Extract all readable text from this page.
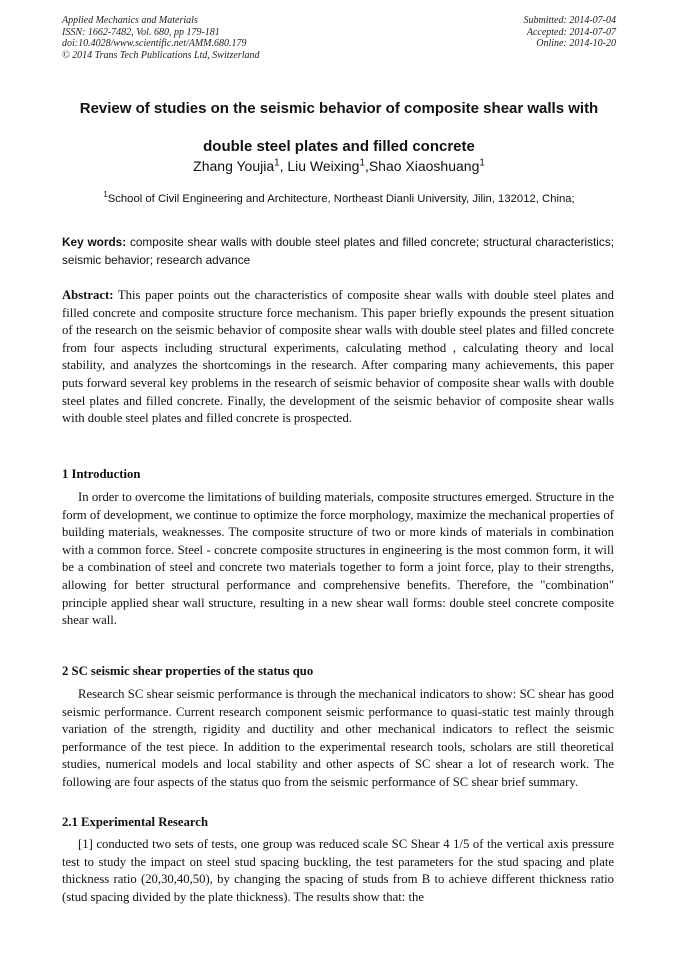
Applied Mechanics and Materials
ISSN: 1662-7482, Vol. 680, pp 179-181
doi:10.4028/www.scientific.net/AMM.680.179
© 2014 Trans Tech Publications Ltd, Switzerland
Submitted: 2014-07-04
Accepted: 2014-07-07
Online: 2014-10-20
Review of studies on the seismic behavior of composite shear walls with
double steel plates and filled concrete
Zhang Youjia$^1$, Liu Weixing$^1$,Shao Xiaoshuang$^1$
$^1$School of Civil Engineering and Architecture, Northeast Dianli University, Jilin, 132012, China;
Key words: composite shear walls with double steel plates and filled concrete; structural characteristics; seismic behavior; research advance
Abstract: This paper points out the characteristics of composite shear walls with double steel plates and filled concrete and composite structure force mechanism. This paper briefly expounds the present situation of the research on the seismic behavior of composite shear walls with double steel plates and filled concrete from four aspects including structural experiments, calculating method , calculating theory and local stability, and analyzes the shortcomings in the research. After comparing many achievements, this paper puts forward several key problems in the research of seismic behavior of composite shear walls with double steel plates and filled concrete. Finally, the development of the seismic behavior of composite shear walls with double steel plates and filled concrete is prospected.
1 Introduction
In order to overcome the limitations of building materials, composite structures emerged. Structure in the form of development, we continue to optimize the force morphology, maximize the mechanical properties of building materials, weaknesses. The composite structure of two or more kinds of materials in combination with a common force. Steel - concrete composite structures in engineering is the most common form, it will be a combination of steel and concrete two materials together to form a joint force, play to their strengths, allowing for better structural performance and comprehensive benefits. Therefore, the "combination" principle applied shear wall structure, resulting in a new shear wall forms: double steel concrete composite shear wall.
2 SC seismic shear properties of the status quo
Research SC shear seismic performance is through the mechanical indicators to show: SC shear has good seismic performance. Current research component seismic performance to quasi-static test mainly through variation of the strength, rigidity and ductility and other mechanical indicators to reflect the seismic performance of the test piece. In addition to the experimental research tools, scholars are still theoretical studies, numerical models and local stability and other aspects of SC shear a lot of research work. The following are four aspects of the status quo from the seismic performance of SC shear brief summary.
2.1 Experimental Research
[1] conducted two sets of tests, one group was reduced scale SC Shear 4 1/5 of the vertical axis pressure test to study the impact on steel stud spacing buckling, the test parameters for the stud spacing and plate thickness ratio (20,30,40,50), by changing the spacing of studs from B to achieve different thickness ratio (stud spacing divided by the plate thickness). The results show that: the
